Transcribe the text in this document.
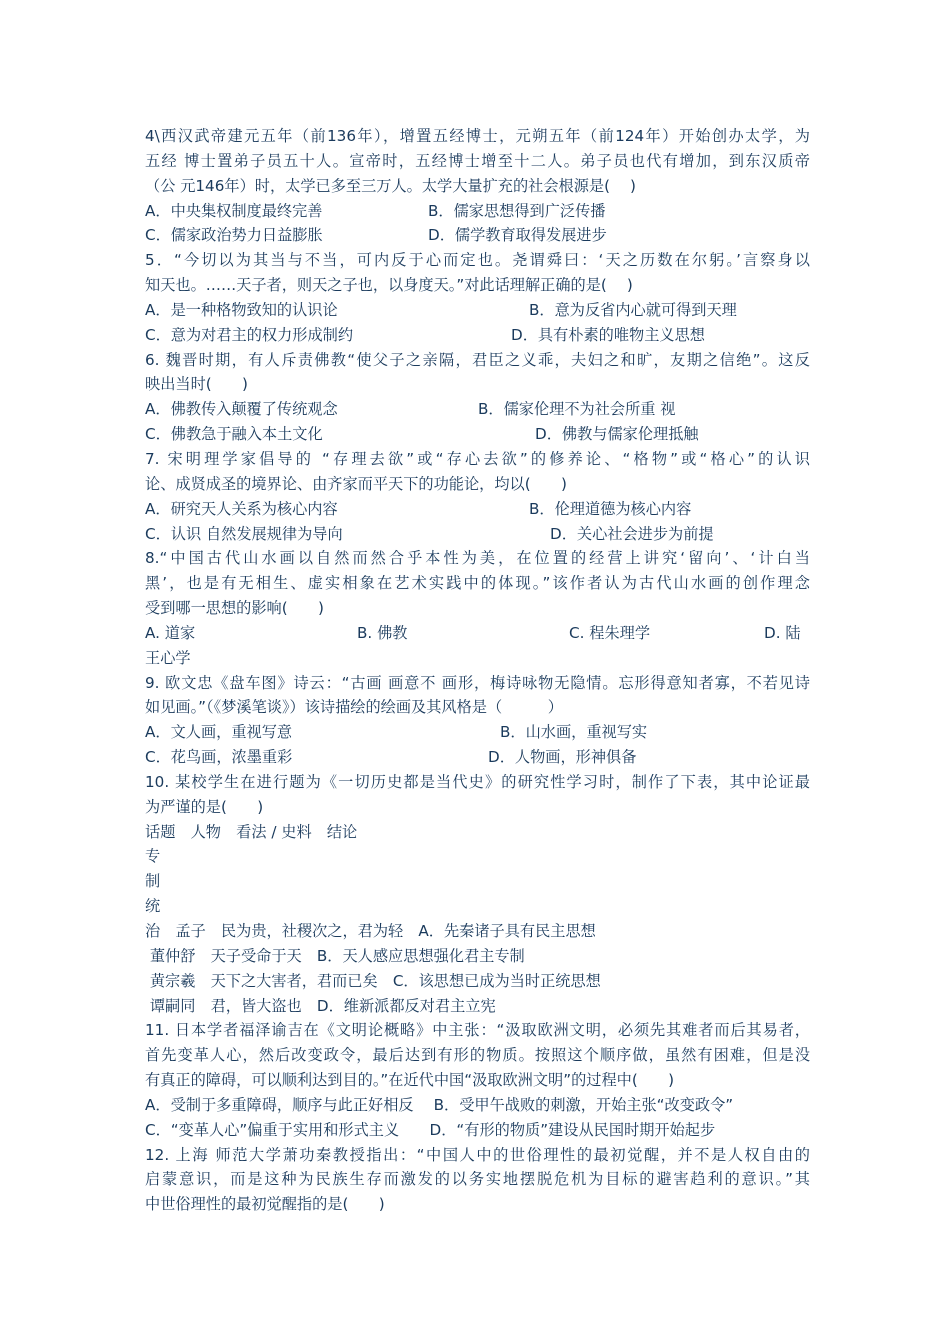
4\西汉武帝建元五年（前136年），增置五经博士，元朔五年（前124年）开始创办太学，为
五经 博士置弟子员五十人。宣帝时，五经博士增至十二人。弟子员也代有增加，到东汉质帝
（公 元146年）时，太学已多至三万人。太学大量扩充的社会根源是(　 )
A．中央集权制度最终完善	B．儒家思想得到广泛传播
C．儒家政治势力日益膨胀	D．儒学教育取得发展进步
5．“今切以为其当与不当，可内反于心而定也。尧谓舜曰：‘天之历数在尔躬。’言察身以
知天也。……天子者，则天之子也，以身度天。”对此话理解正确的是(　 )
A．是一种格物致知的认识论	B．意为反省内心就可得到天理
C．意为对君主的权力形成制约	D．具有朴素的唯物主义思想
6. 魏晋时期，有人斥责佛教“使父子之亲隔，君臣之义乖，夫妇之和旷，友期之信绝”。这反
映出当时(　　)
A．佛教传入颠覆了传统观念	B．儒家伦理不为社会所重 视
C．佛教急于融入本土文化	D．佛教与儒家伦理抵触
7. 宋明理学家倡导的 “存理去欲”或“存心去欲”的修养论、“格物”或“格心”的认识
论、成贤成圣的境界论、由齐家而平天下的功能论，均以(　　)
A．研究天人关系为核心内容	B．伦理道德为核心内容
C．认识 自然发展规律为导向	D．关心社会进步为前提
8.“中国古代山水画以自然而然合乎本性为美，在位置的经营上讲究‘留向’、‘计白当
黑’，也是有无相生、虚实相象在艺术实践中的体现。”该作者认为古代山水画的创作理念
受到哪一思想的影响(　　)
A. 道家	B. 佛教	C. 程朱理学	D. 陆
王心学
9. 欧文忠《盘车图》诗云：“古画 画意不 画形，梅诗咏物无隐情。忘形得意知者寡，不若见诗
如见画。”（《梦溪笔谈》）该诗描绘的绘画及其风格是（　　　）
A．文人画，重视写意	B．山水画，重视写实
C．花鸟画，浓墨重彩	D．人物画，形神俱备
10. 某校学生在进行题为《一切历史都是当代史》的研究性学习时，制作了下表，其中论证最
为严谨的是(　　)
话题　人物　看法 / 史料　结论
专
制
统
治　孟子　民为贵，社稷次之，君为轻　A．先秦诸子具有民主思想
董仲舒　天子受命于天　B．天人感应思想强化君主专制
黄宗羲　天下之大害者，君而已矣　C．该思想已成为当时正统思想
谭嗣同　君，皆大盗也　D．维新派都反对君主立宪
11. 日本学者福泽谕吉在《文明论概略》中主张：“汲取欧洲文明，必须先其难者而后其易者，
首先变革人心，然后改变政令，最后达到有形的物质。按照这个顺序做，虽然有困难，但是没
有真正的障碍，可以顺利达到目的。”在近代中国“汲取欧洲文明”的过程中(　　)
A．受制于多重障碍，顺序与此正好相反　 B．受甲午战败的刺激，开始主张“改变政令”
C．“变革人心”偏重于实用和形式主义　　D．“有形的物质”建设从民国时期开始起步
12. 上海 师范大学萧功秦教授指出：“中国人中的世俗理性的最初觉醒，并不是人权自由的
启蒙意识，而是这种为民族生存而激发的以务实地摆脱危机为目标的避害趋利的意识。”其
中世俗理性的最初觉醒指的是(　　)
